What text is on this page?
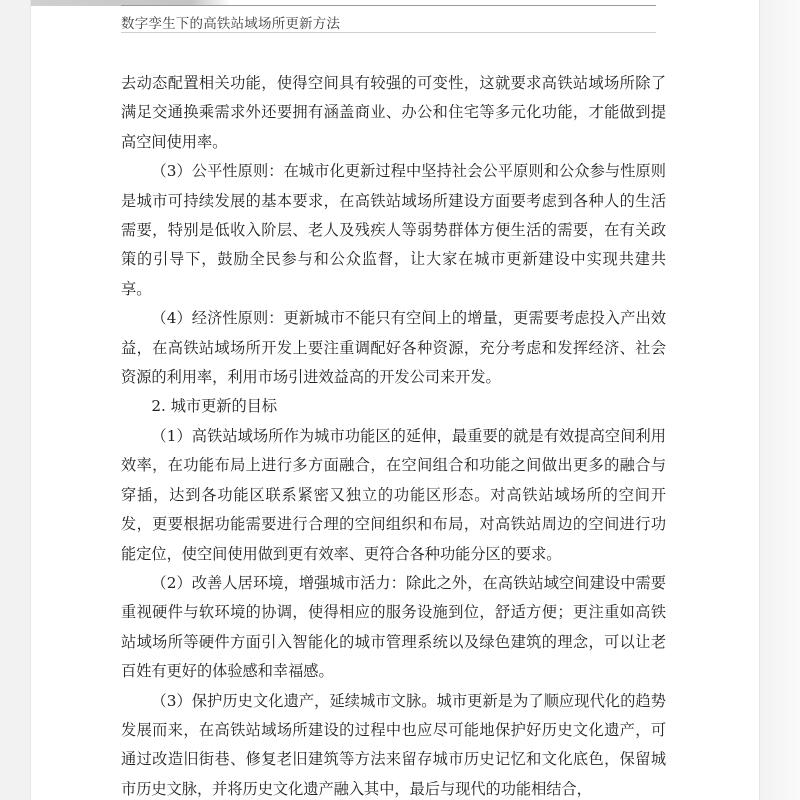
数字孪生下的高铁站域场所更新方法

去动态配置相关功能，使得空间具有较强的可变性，这就要求高铁站域场所除了满足交通换乘需求外还要拥有涵盖商业、办公和住宅等多元化功能，才能做到提高空间使用率。

（3）公平性原则：在城市化更新过程中坚持社会公平原则和公众参与性原则是城市可持续发展的基本要求，在高铁站域场所建设方面要考虑到各种人的生活需要，特别是低收入阶层、老人及残疾人等弱势群体方便生活的需要，在有关政策的引导下，鼓励全民参与和公众监督，让大家在城市更新建设中实现共建共享。

（4）经济性原则：更新城市不能只有空间上的增量，更需要考虑投入产出效益，在高铁站域场所开发上要注重调配好各种资源，充分考虑和发挥经济、社会资源的利用率，利用市场引进效益高的开发公司来开发。

2. 城市更新的目标

（1）高铁站域场所作为城市功能区的延伸，最重要的就是有效提高空间利用效率，在功能布局上进行多方面融合，在空间组合和功能之间做出更多的融合与穿插，达到各功能区联系紧密又独立的功能区形态。对高铁站域场所的空间开发，更要根据功能需要进行合理的空间组织和布局，对高铁站周边的空间进行功能定位，使空间使用做到更有效率、更符合各种功能分区的要求。

（2）改善人居环境，增强城市活力：除此之外，在高铁站域空间建设中需要重视硬件与软环境的协调，使得相应的服务设施到位，舒适方便；更注重如高铁站域场所等硬件方面引入智能化的城市管理系统以及绿色建筑的理念，可以让老百姓有更好的体验感和幸福感。

（3）保护历史文化遗产，延续城市文脉。城市更新是为了顺应现代化的趋势发展而来，在高铁站域场所建设的过程中也应尽可能地保护好历史文化遗产，可通过改造旧街巷、修复老旧建筑等方法来留存城市历史记忆和文化底色，保留城市历史文脉，并将历史文化遗产融入其中，最后与现代的功能相结合，
